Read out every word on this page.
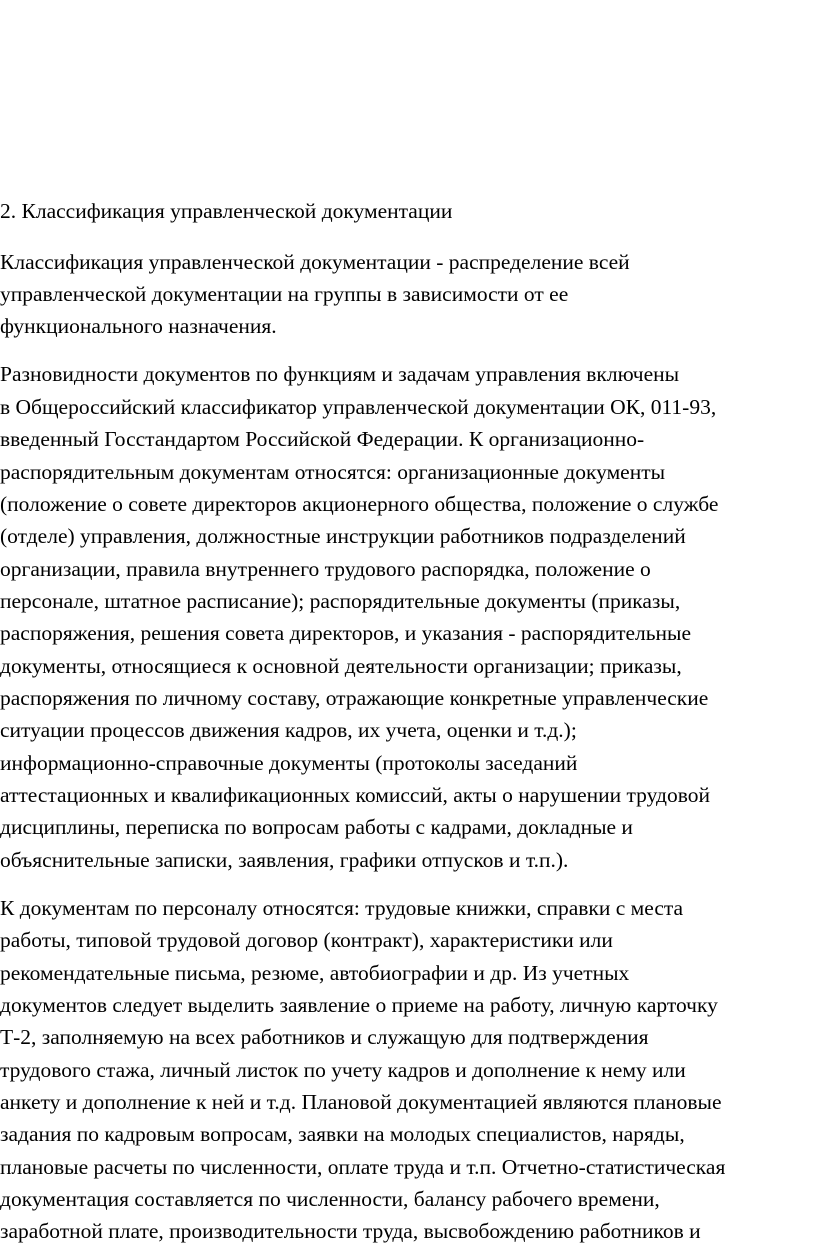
2. Классификация управленческой документации
Классификация управленческой документации - распределение всей
управленческой документации на группы в зависимости от ее
функционального назначения.
Разновидности документов по функциям и задачам управления включены
в Общероссийский классификатор управленческой документации ОК, 011-93,
введенный Госстандартом Российской Федерации. К организационно-
распорядительным документам относятся: организационные документы
(положение о совете директоров акционерного общества, положение о службе
(отделе) управления, должностные инструкции работников подразделений
организации, правила внутреннего трудового распорядка, положение о
персонале, штатное расписание); распорядительные документы (приказы,
распоряжения, решения совета директоров, и указания - распорядительные
документы, относящиеся к основной деятельности организации; приказы,
распоряжения по личному составу, отражающие конкретные управленческие
ситуации процессов движения кадров, их учета, оценки и т.д.);
информационно-справочные документы (протоколы заседаний
аттестационных и квалификационных комиссий, акты о нарушении трудовой
дисциплины, переписка по вопросам работы с кадрами, докладные и
объяснительные записки, заявления, графики отпусков и т.п.).
К документам по персоналу относятся: трудовые книжки, справки с места
работы, типовой трудовой договор (контракт), характеристики или
рекомендательные письма, резюме, автобиографии и др. Из учетных
документов следует выделить заявление о приеме на работу, личную карточку
Т-2, заполняемую на всех работников и служащую для подтверждения
трудового стажа, личный листок по учету кадров и дополнение к нему или
анкету и дополнение к ней и т.д. Плановой документацией являются плановые
задания по кадровым вопросам, заявки на молодых специалистов, наряды,
плановые расчеты по численности, оплате труда и т.п. Отчетно-статистическая
документация составляется по численности, балансу рабочего времени,
заработной плате, производительности труда, высвобождению работников и
